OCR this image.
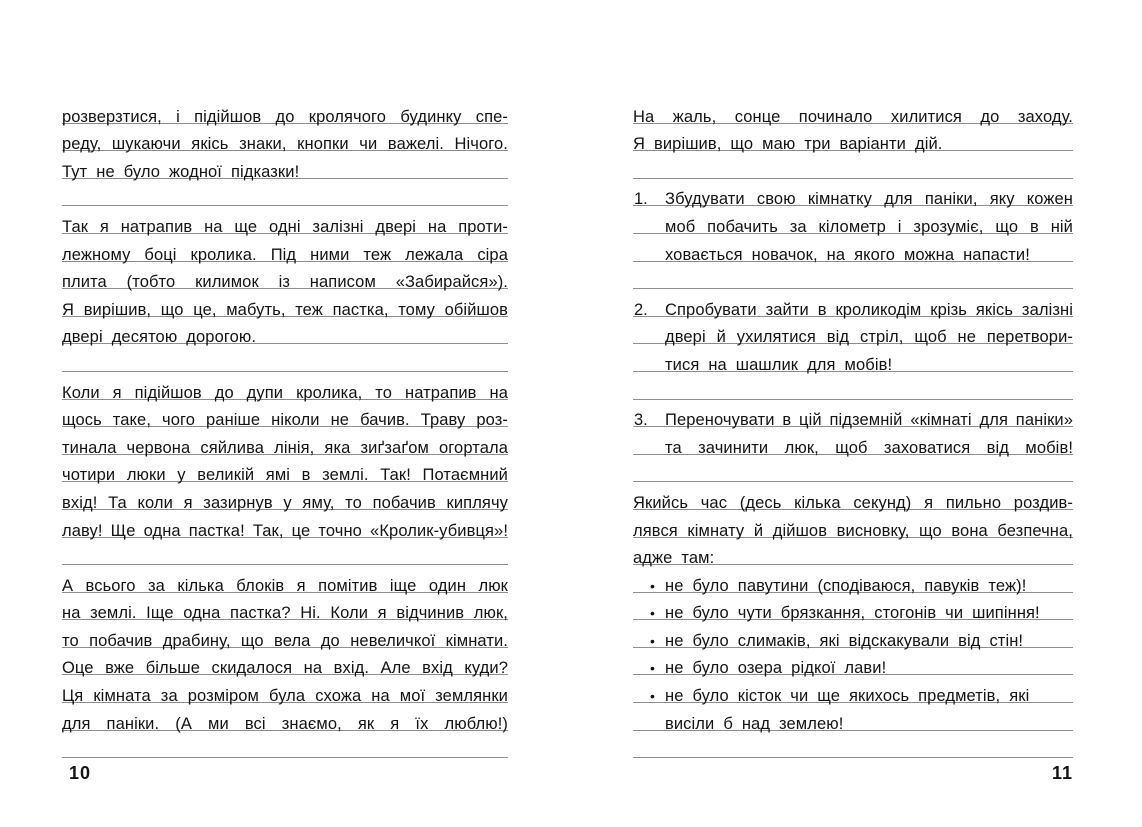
розверзтися, і підійшов до кролячого будинку спе-
реду, шукаючи якісь знаки, кнопки чи важелі. Нічого.
Тут не було жодної підказки!
Так я натрапив на ще одні залізні двері на проти-
лежному боці кролика. Під ними теж лежала сіра
плита (тобто килимок із написом «Забирайся»).
Я вирішив, що це, мабуть, теж пастка, тому обійшов
двері десятою дорогою.
Коли я підійшов до дупи кролика, то натрапив на
щось таке, чого раніше ніколи не бачив. Траву роз-
тинала червона сяйлива лінія, яка зиґзаґом огортала
чотири люки у великій ямі в землі. Так! Потаємний
вхід! Та коли я зазирнув у яму, то побачив киплячу
лаву! Ще одна пастка! Так, це точно «Кролик-убивця»!
А всього за кілька блоків я помітив іще один люк
на землі. Іще одна пастка? Ні. Коли я відчинив люк,
то побачив драбину, що вела до невеличкої кімнати.
Оце вже більше скидалося на вхід. Але вхід куди?
Ця кімната за розміром була схожа на мої землянки
для паніки. (А ми всі знаємо, як я їх люблю!)
На жаль, сонце починало хилитися до заходу.
Я вирішив, що маю три варіанти дій.
1.	Збудувати свою кімнатку для паніки, яку кожен
моб побачить за кілометр і зрозуміє, що в ній
ховається новачок, на якого можна напасти!
2.	Спробувати зайти в кроликодім крізь якісь залізні
двері й ухилятися від стріл, щоб не перетвори-
тися на шашлик для мобів!
3.	Переночувати в цій підземній «кімнаті для паніки»
та зачинити люк, щоб заховатися від мобів!
Якийсь час (десь кілька секунд) я пильно роздив-
лявся кімнату й дійшов висновку, що вона безпечна,
адже там:
• не було павутини (сподіваюся, павуків теж)!
• не було чути брязкання, стогонів чи шипіння!
• не було слимаків, які відскакували від стін!
• не було озера рідкої лави!
• не було кісток чи ще якихось предметів, які
висіли б над землею!
10	11
